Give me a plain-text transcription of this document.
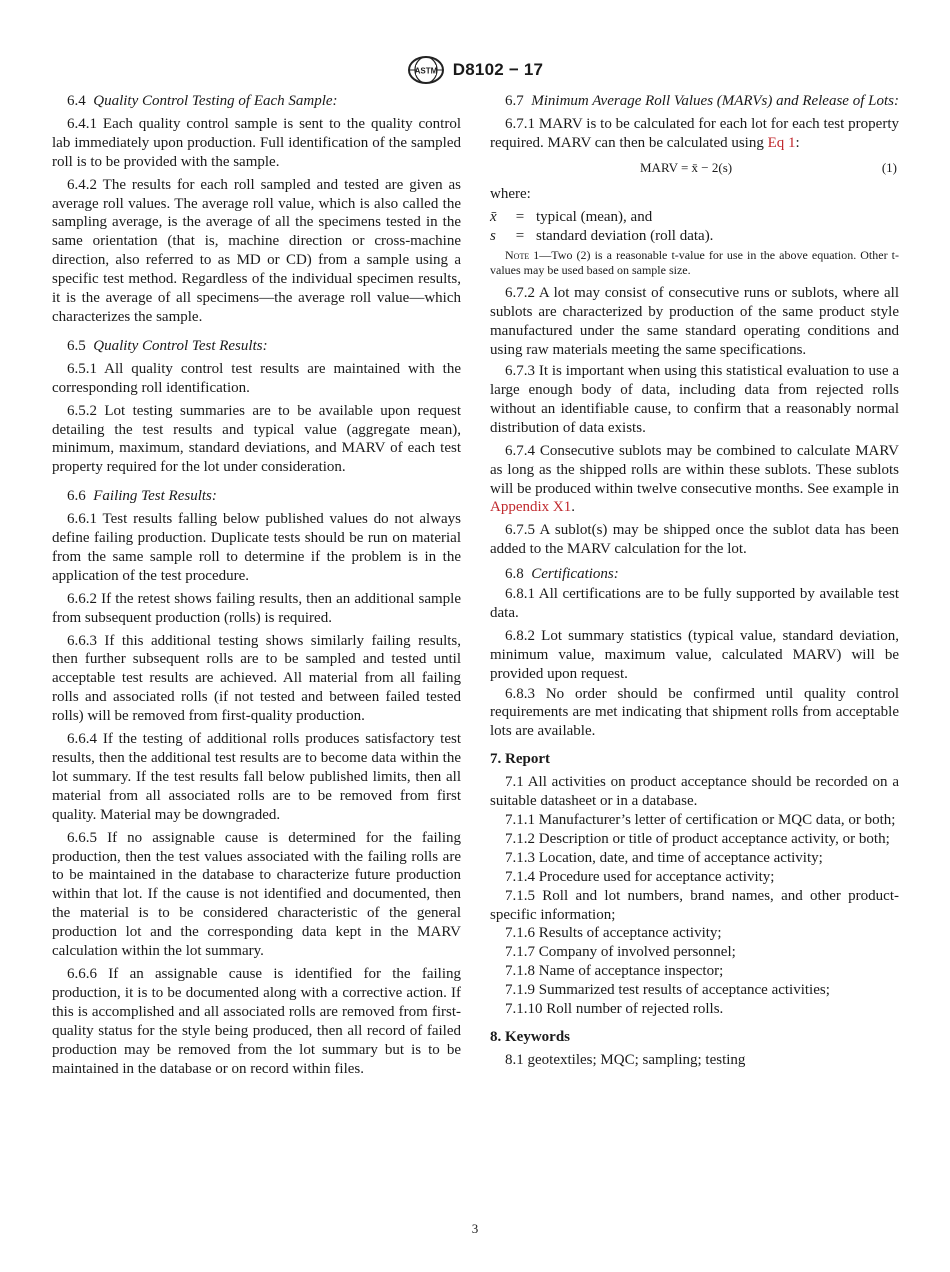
ASTM D8102 − 17

6.4 Quality Control Testing of Each Sample:

6.4.1 Each quality control sample is sent to the quality control lab immediately upon production. Full identification of the sampled roll is to be provided with the sample.

6.4.2 The results for each roll sampled and tested are given as average roll values. The average roll value, which is also called the sampling average, is the average of all the specimens tested in the same orientation (that is, machine direction or cross-machine direction, also referred to as MD or CD) from a sample using a specific test method. Regardless of the individual specimen results, it is the average of all specimens—the average roll value—which characterizes the sample.

6.5 Quality Control Test Results:

6.5.1 All quality control test results are maintained with the corresponding roll identification.

6.5.2 Lot testing summaries are to be available upon request detailing the test results and typical value (aggregate mean), minimum, maximum, standard deviations, and MARV of each test property required for the lot under consideration.

6.6 Failing Test Results:

6.6.1 Test results falling below published values do not always define failing production. Duplicate tests should be run on material from the same sample roll to determine if the problem is in the application of the test procedure.

6.6.2 If the retest shows failing results, then an additional sample from subsequent production (rolls) is required.

6.6.3 If this additional testing shows similarly failing results, then further subsequent rolls are to be sampled and tested until acceptable test results are achieved. All material from all failing rolls and associated rolls (if not tested and between failed tested rolls) will be removed from first-quality production.

6.6.4 If the testing of additional rolls produces satisfactory test results, then the additional test results are to become data within the lot summary. If the test results fall below published limits, then all material from all associated rolls are to be removed from first quality. Material may be downgraded.

6.6.5 If no assignable cause is determined for the failing production, then the test values associated with the failing rolls are to be maintained in the database to characterize future production within that lot. If the cause is not identified and documented, then the material is to be considered characteristic of the general production lot and the corresponding data kept in the MARV calculation within the lot summary.

6.6.6 If an assignable cause is identified for the failing production, it is to be documented along with a corrective action. If this is accomplished and all associated rolls are removed from first-quality status for the style being produced, then all record of failed production may be removed from the lot summary but is to be maintained in the database or on record within files.

6.7 Minimum Average Roll Values (MARVs) and Release of Lots:

6.7.1 MARV is to be calculated for each lot for each test property required. MARV can then be calculated using Eq 1:

MARV = x̄ − 2(s)	(1)

where:

x̄	= typical (mean), and
s	= standard deviation (roll data).

Note 1—Two (2) is a reasonable t-value for use in the above equation. Other t-values may be used based on sample size.

6.7.2 A lot may consist of consecutive runs or sublots, where all sublots are characterized by production of the same product style manufactured under the same standard operating conditions and using raw materials meeting the same specifications.

6.7.3 It is important when using this statistical evaluation to use a large enough body of data, including data from rejected rolls without an identifiable cause, to confirm that a reasonably normal distribution of data exists.

6.7.4 Consecutive sublots may be combined to calculate MARV as long as the shipped rolls are within these sublots. These sublots will be produced within twelve consecutive months. See example in Appendix X1.

6.7.5 A sublot(s) may be shipped once the sublot data has been added to the MARV calculation for the lot.

6.8 Certifications:

6.8.1 All certifications are to be fully supported by available test data.

6.8.2 Lot summary statistics (typical value, standard deviation, minimum value, maximum value, calculated MARV) will be provided upon request.

6.8.3 No order should be confirmed until quality control requirements are met indicating that shipment rolls from acceptable lots are available.

7. Report

7.1 All activities on product acceptance should be recorded on a suitable datasheet or in a database.

7.1.1 Manufacturer’s letter of certification or MQC data, or both;

7.1.2 Description or title of product acceptance activity, or both;

7.1.3 Location, date, and time of acceptance activity;

7.1.4 Procedure used for acceptance activity;

7.1.5 Roll and lot numbers, brand names, and other product-specific information;

7.1.6 Results of acceptance activity;

7.1.7 Company of involved personnel;

7.1.8 Name of acceptance inspector;

7.1.9 Summarized test results of acceptance activities;

7.1.10 Roll number of rejected rolls.

8. Keywords

8.1 geotextiles; MQC; sampling; testing

3
